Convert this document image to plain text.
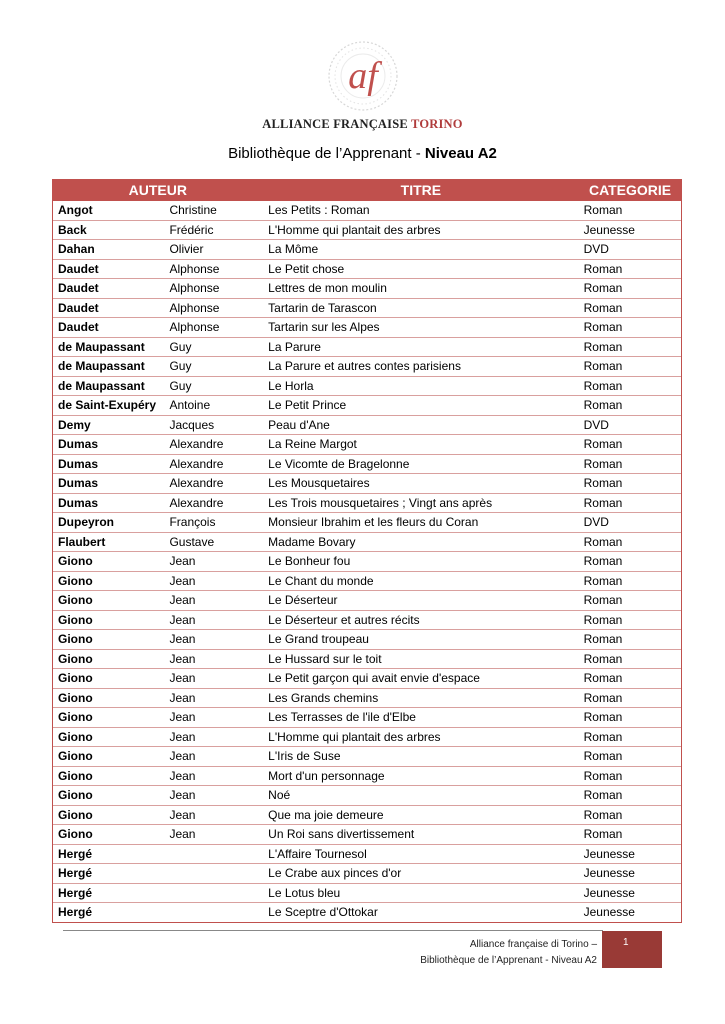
af
ALLIANCE FRANÇAISE TORINO
Bibliothèque de l’Apprenant - Niveau A2
AUTEUR		TITRE	CATEGORIE
Angot	Christine	Les Petits : Roman	Roman
Back	Frédéric	L'Homme qui plantait des arbres	Jeunesse
Dahan	Olivier	La Môme	DVD
Daudet	Alphonse	Le Petit chose	Roman
Daudet	Alphonse	Lettres de mon moulin	Roman
Daudet	Alphonse	Tartarin de Tarascon	Roman
Daudet	Alphonse	Tartarin sur les Alpes	Roman
de Maupassant	Guy	La Parure	Roman
de Maupassant	Guy	La Parure et autres contes parisiens	Roman
de Maupassant	Guy	Le Horla	Roman
de Saint-Exupéry	Antoine	Le Petit Prince	Roman
Demy	Jacques	Peau d'Ane	DVD
Dumas	Alexandre	La Reine Margot	Roman
Dumas	Alexandre	Le Vicomte de Bragelonne	Roman
Dumas	Alexandre	Les Mousquetaires	Roman
Dumas	Alexandre	Les Trois mousquetaires ; Vingt ans après	Roman
Dupeyron	François	Monsieur Ibrahim et les fleurs du Coran	DVD
Flaubert	Gustave	Madame Bovary	Roman
Giono	Jean	Le Bonheur fou	Roman
Giono	Jean	Le Chant du monde	Roman
Giono	Jean	Le Déserteur	Roman
Giono	Jean	Le Déserteur et autres récits	Roman
Giono	Jean	Le Grand troupeau	Roman
Giono	Jean	Le Hussard sur le toit	Roman
Giono	Jean	Le Petit garçon qui avait envie d'espace	Roman
Giono	Jean	Les Grands chemins	Roman
Giono	Jean	Les Terrasses de l'ile d'Elbe	Roman
Giono	Jean	L'Homme qui plantait des arbres	Roman
Giono	Jean	L'Iris de Suse	Roman
Giono	Jean	Mort d'un personnage	Roman
Giono	Jean	Noé	Roman
Giono	Jean	Que ma joie demeure	Roman
Giono	Jean	Un Roi sans divertissement	Roman
Hergé		L'Affaire Tournesol	Jeunesse
Hergé		Le Crabe aux pinces d'or	Jeunesse
Hergé		Le Lotus bleu	Jeunesse
Hergé		Le Sceptre d'Ottokar	Jeunesse
Alliance française di Torino –
Bibliothèque de l’Apprenant - Niveau A2
1
